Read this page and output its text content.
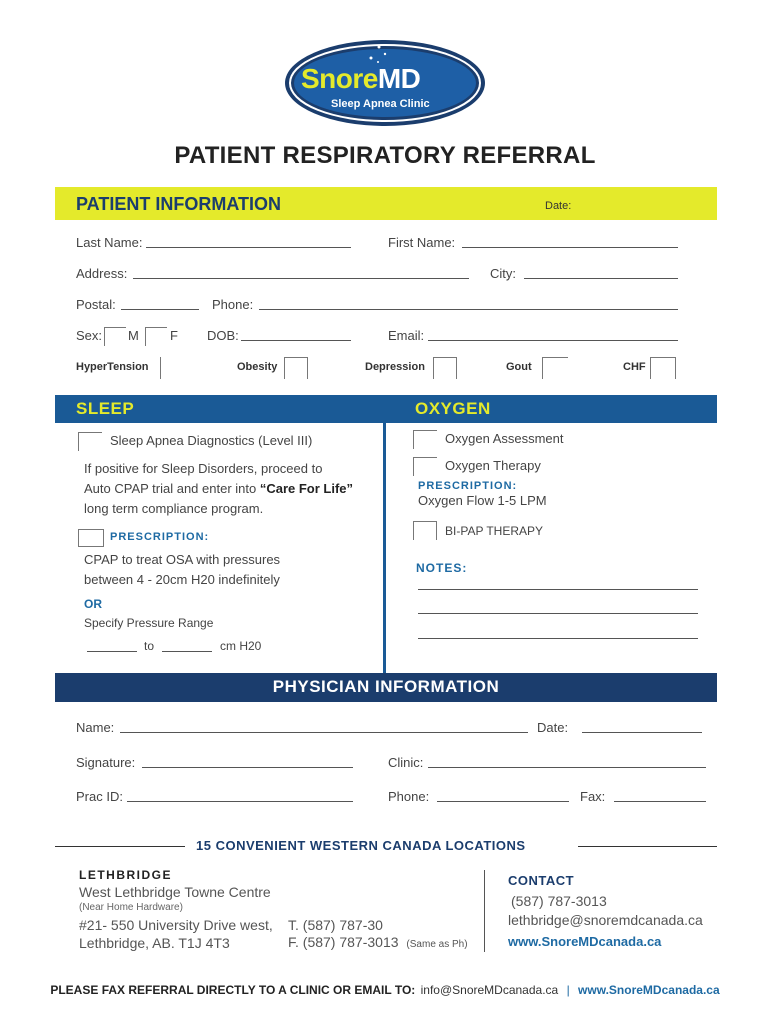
SnoreMD
Sleep Apnea Clinic
PATIENT RESPIRATORY REFERRAL
PATIENT INFORMATION	Date:
Last Name:	First Name:
Address:	City:
Postal:	Phone:
Sex: M F DOB:	Email:
HyperTension	Obesity	Depression	Gout	CHF
SLEEP	OXYGEN
Sleep Apnea Diagnostics (Level III)
If positive for Sleep Disorders, proceed to
Auto CPAP trial and enter into “Care For Life”
long term compliance program.
PRESCRIPTION:
CPAP to treat OSA with pressures
between 4 - 20cm H20 indefinitely
OR
Specify Pressure Range
to	cm H20
Oxygen Assessment
Oxygen Therapy
PRESCRIPTION:
Oxygen Flow 1-5 LPM
BI-PAP THERAPY
NOTES:
PHYSICIAN INFORMATION
Name:	Date:
Signature:	Clinic:
Prac ID:	Phone:	Fax:
15 CONVENIENT WESTERN CANADA LOCATIONS
LETHBRIDGE
West Lethbridge Towne Centre
(Near Home Hardware)
#21- 550 University Drive west,
Lethbridge, AB. T1J 4T3
T. (587) 787-30
F. (587) 787-3013 (Same as Ph)
CONTACT
(587) 787-3013
lethbridge@snoremdcanada.ca
www.SnoreMDcanada.ca
PLEASE FAX REFERRAL DIRECTLY TO A CLINIC OR EMAIL TO: info@SnoreMDcanada.ca | www.SnoreMDcanada.ca
